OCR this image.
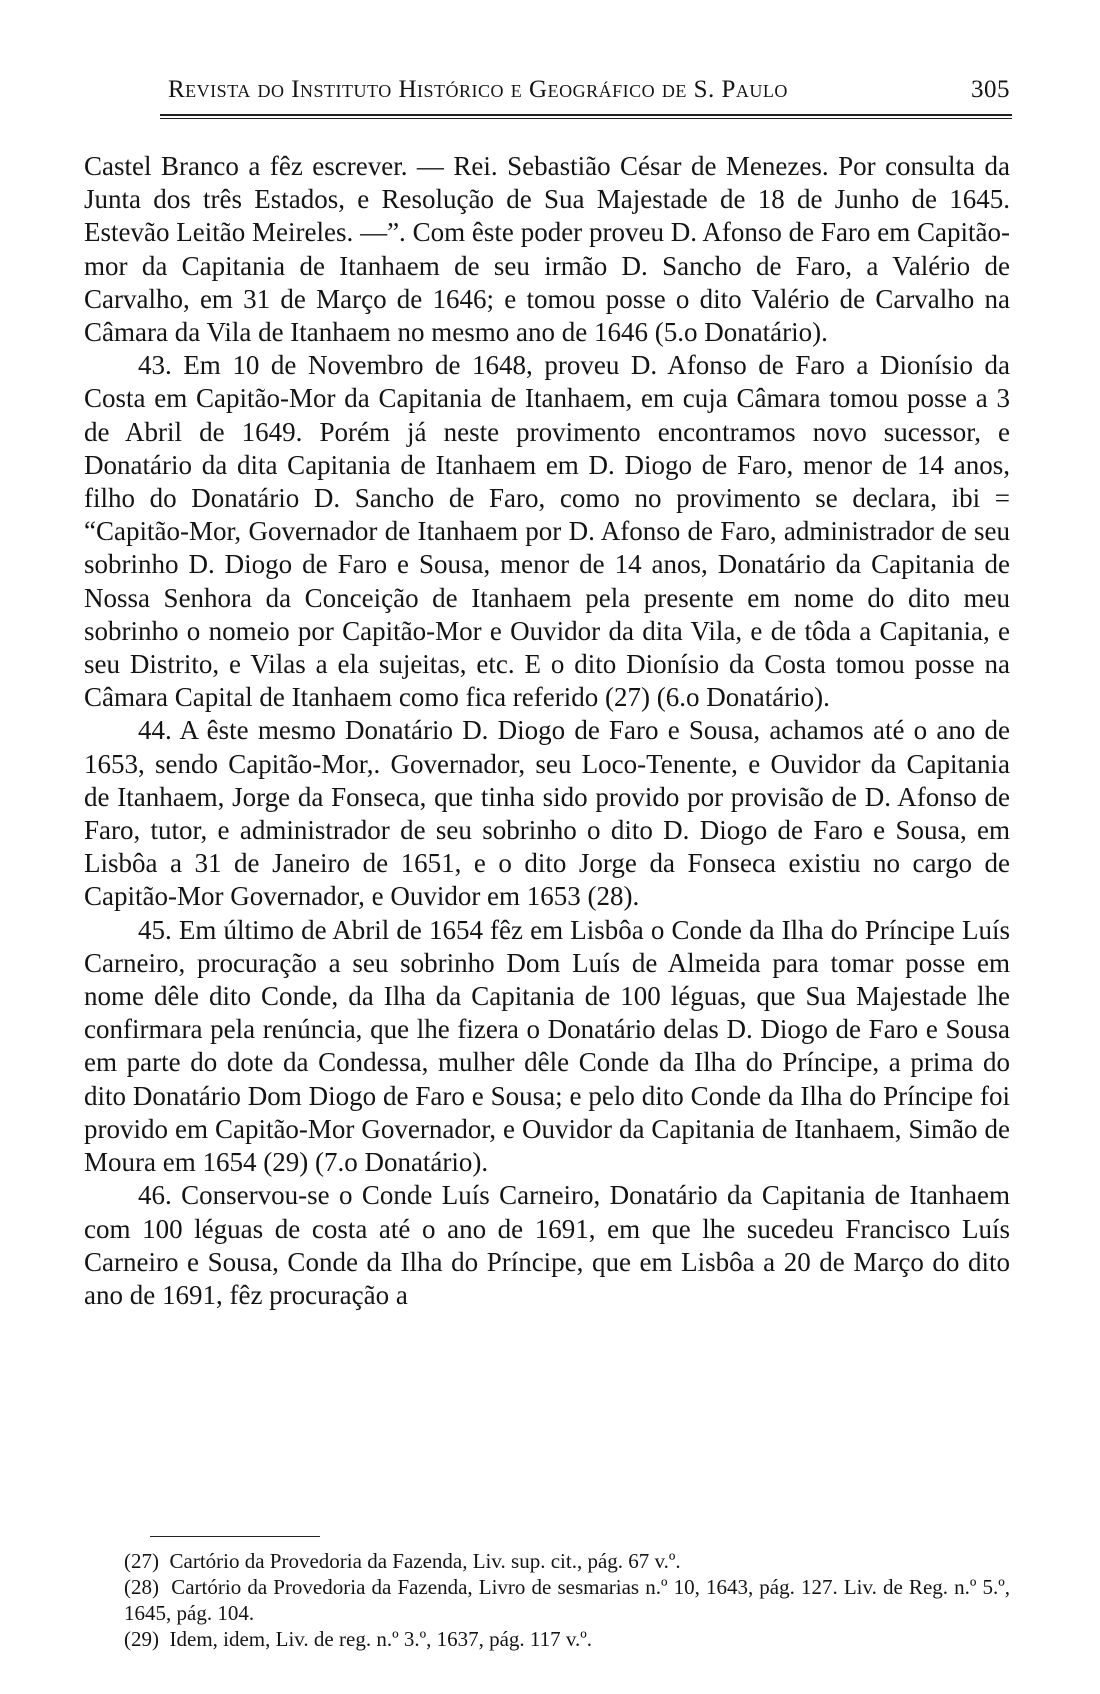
Revista do Instituto Histórico e Geográfico de S. Paulo	305

Castel Branco a fêz escrever. — Rei. Sebastião César de Menezes. Por consulta da Junta dos três Estados, e Resolução de Sua Majestade de 18 de Junho de 1645. Estevão Leitão Meireles. —”. Com êste poder proveu D. Afonso de Faro em Capitão-mor da Capitania de Itanhaem de seu irmão D. Sancho de Faro, a Valério de Carvalho, em 31 de Março de 1646; e tomou posse o dito Valério de Carvalho na Câmara da Vila de Itanhaem no mesmo ano de 1646 (5.o Donatário).

43. Em 10 de Novembro de 1648, proveu D. Afonso de Faro a Dionísio da Costa em Capitão-Mor da Capitania de Itanhaem, em cuja Câmara tomou posse a 3 de Abril de 1649. Porém já neste provimento encontramos novo sucessor, e Donatário da dita Capitania de Itanhaem em D. Diogo de Faro, menor de 14 anos, filho do Donatário D. Sancho de Faro, como no provimento se declara, ibi = “Capitão-Mor, Governador de Itanhaem por D. Afonso de Faro, administrador de seu sobrinho D. Diogo de Faro e Sousa, menor de 14 anos, Donatário da Capitania de Nossa Senhora da Conceição de Itanhaem pela presente em nome do dito meu sobrinho o nomeio por Capitão-Mor e Ouvidor da dita Vila, e de tôda a Capitania, e seu Distrito, e Vilas a ela sujeitas, etc. E o dito Dionísio da Costa tomou posse na Câmara Capital de Itanhaem como fica referido (27) (6.o Donatário).

44. A êste mesmo Donatário D. Diogo de Faro e Sousa, achamos até o ano de 1653, sendo Capitão-Mor,. Governador, seu Loco-Tenente, e Ouvidor da Capitania de Itanhaem, Jorge da Fonseca, que tinha sido provido por provisão de D. Afonso de Faro, tutor, e administrador de seu sobrinho o dito D. Diogo de Faro e Sousa, em Lisbôa a 31 de Janeiro de 1651, e o dito Jorge da Fonseca existiu no cargo de Capitão-Mor Governador, e Ouvidor em 1653 (28).

45. Em último de Abril de 1654 fêz em Lisbôa o Conde da Ilha do Príncipe Luís Carneiro, procuração a seu sobrinho Dom Luís de Almeida para tomar posse em nome dêle dito Conde, da Ilha da Capitania de 100 léguas, que Sua Majestade lhe confirmara pela renúncia, que lhe fizera o Donatário delas D. Diogo de Faro e Sousa em parte do dote da Condessa, mulher dêle Conde da Ilha do Príncipe, a prima do dito Donatário Dom Diogo de Faro e Sousa; e pelo dito Conde da Ilha do Príncipe foi provido em Capitão-Mor Governador, e Ouvidor da Capitania de Itanhaem, Simão de Moura em 1654 (29) (7.o Donatário).

46. Conservou-se o Conde Luís Carneiro, Donatário da Capitania de Itanhaem com 100 léguas de costa até o ano de 1691, em que lhe sucedeu Francisco Luís Carneiro e Sousa, Conde da Ilha do Príncipe, que em Lisbôa a 20 de Março do dito ano de 1691, fêz procuração a

(27) Cartório da Provedoria da Fazenda, Liv. sup. cit., pág. 67 v.º.

(28) Cartório da Provedoria da Fazenda, Livro de sesmarias n.º 10, 1643, pág. 127. Liv. de Reg. n.º 5.º, 1645, pág. 104.

(29) Idem, idem, Liv. de reg. n.º 3.º, 1637, pág. 117 v.º.
